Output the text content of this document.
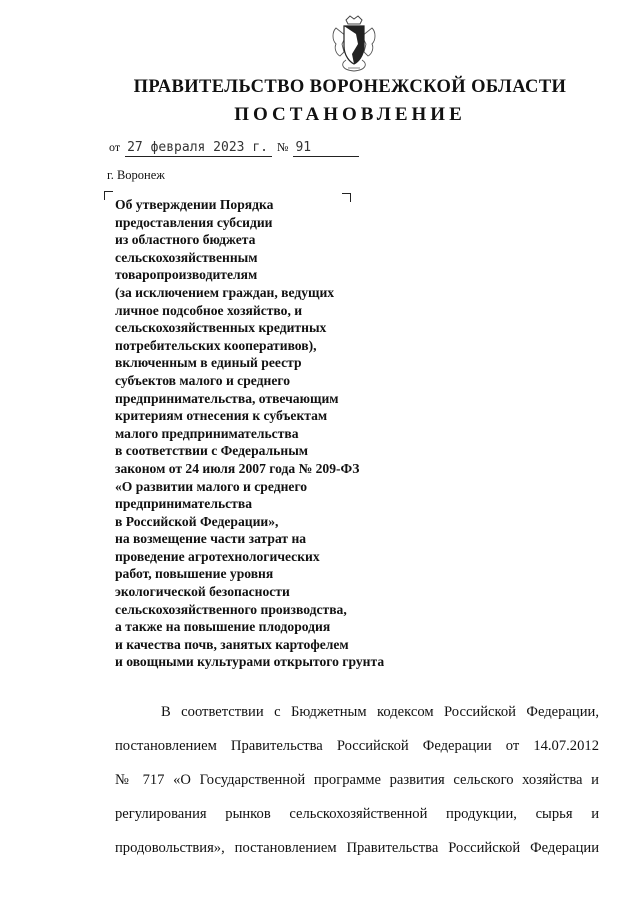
ПРАВИТЕЛЬСТВО ВОРОНЕЖСКОЙ ОБЛАСТИ
ПОСТАНОВЛЕНИЕ
от 27 февраля 2023 г. № 91
г. Воронеж
Об утверждении Порядка
предоставления субсидии
из областного бюджета
сельскохозяйственным
товаропроизводителям
(за исключением граждан, ведущих
личное подсобное хозяйство, и
сельскохозяйственных кредитных
потребительских кооперативов),
включенным в единый реестр
субъектов малого и среднего
предпринимательства, отвечающим
критериям отнесения к субъектам
малого предпринимательства
в соответствии с Федеральным
законом от 24 июля 2007 года № 209-ФЗ
«О развитии малого и среднего
предпринимательства
в Российской Федерации»,
на возмещение части затрат на
проведение агротехнологических
работ, повышение уровня
экологической безопасности
сельскохозяйственного производства,
а также на повышение плодородия
и качества почв, занятых картофелем
и овощными культурами открытого грунта
В соответствии с Бюджетным кодексом Российской Федерации,
постановлением Правительства Российской Федерации от 14.07.2012
№ 717 «О Государственной программе развития сельского хозяйства и
регулирования рынков сельскохозяйственной продукции, сырья и
продовольствия», постановлением Правительства Российской Федерации
